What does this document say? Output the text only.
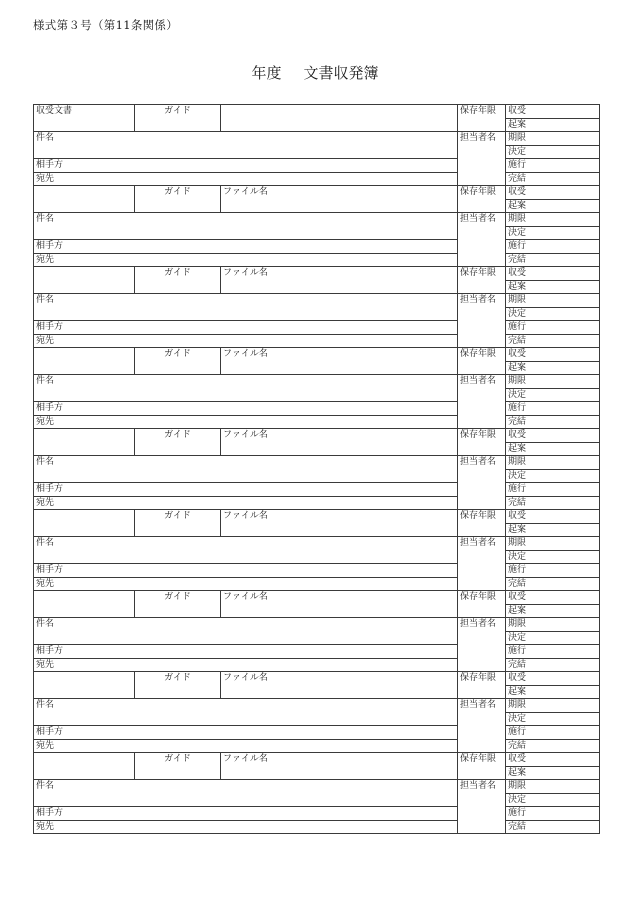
様式第３号（第11条関係）
年度 文書収発簿
収受文書	ガイド		保存年限	収受
				起案
件名			担当者名	期限
				決定
相手方				施行
宛先				完結
	ガイド	ファイル名	保存年限	収受
				起案
件名			担当者名	期限
				決定
相手方				施行
宛先				完結
	ガイド	ファイル名	保存年限	収受
				起案
件名			担当者名	期限
				決定
相手方				施行
宛先				完結
	ガイド	ファイル名	保存年限	収受
				起案
件名			担当者名	期限
				決定
相手方				施行
宛先				完結
	ガイド	ファイル名	保存年限	収受
				起案
件名			担当者名	期限
				決定
相手方				施行
宛先				完結
	ガイド	ファイル名	保存年限	収受
				起案
件名			担当者名	期限
				決定
相手方				施行
宛先				完結
	ガイド	ファイル名	保存年限	収受
				起案
件名			担当者名	期限
				決定
相手方				施行
宛先				完結
	ガイド	ファイル名	保存年限	収受
				起案
件名			担当者名	期限
				決定
相手方				施行
宛先				完結
	ガイド	ファイル名	保存年限	収受
				起案
件名			担当者名	期限
				決定
相手方				施行
宛先				完結
